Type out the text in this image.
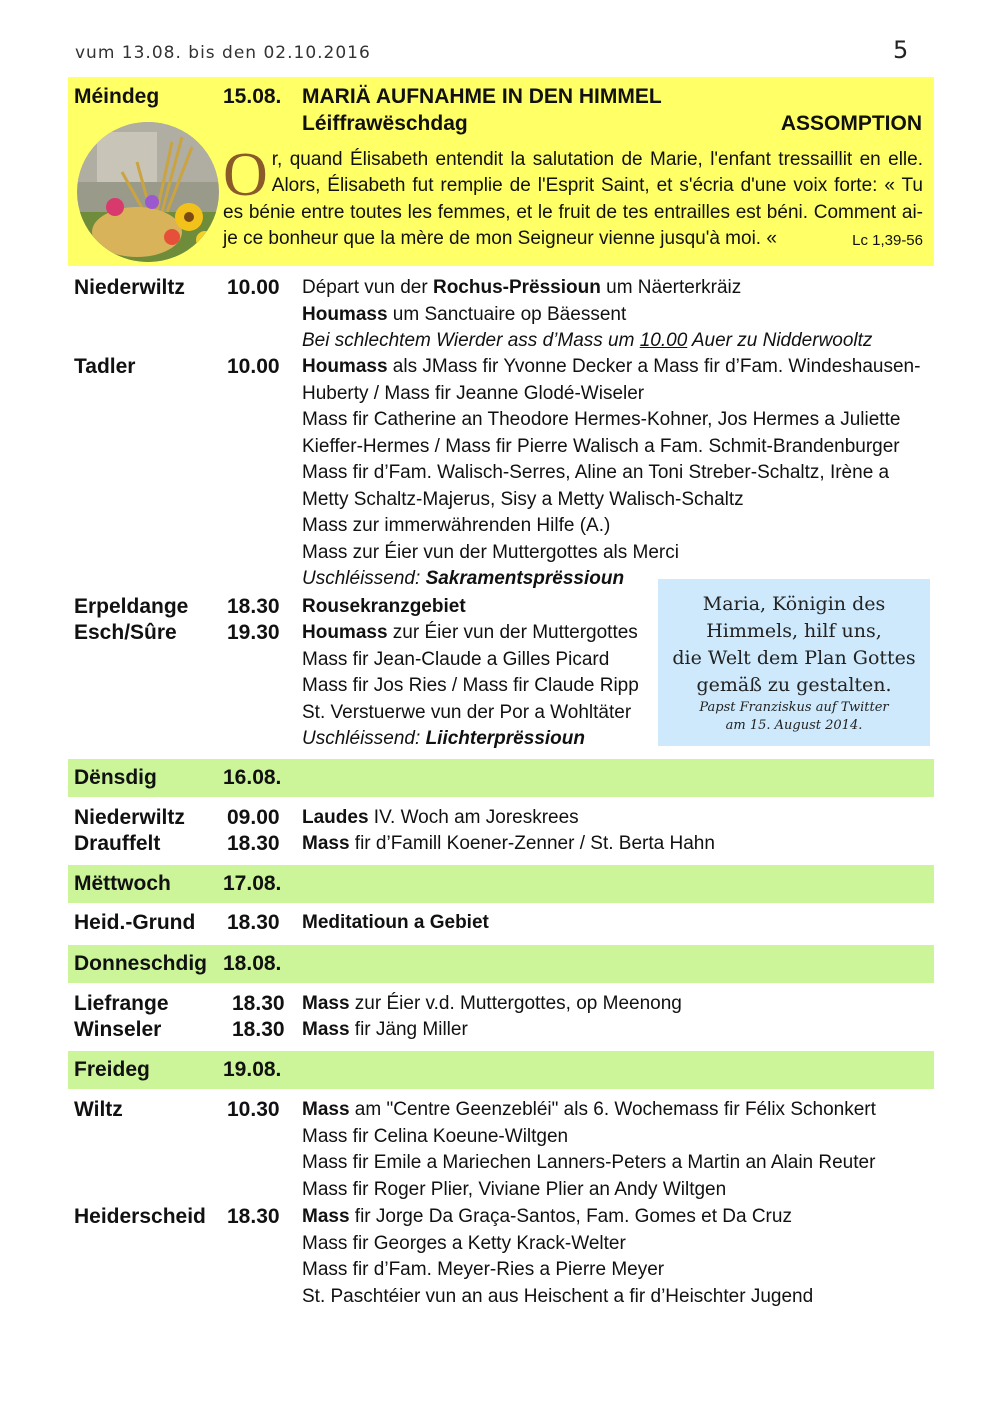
vum 13.08. bis den 02.10.2016	5
Méindeg	15.08. MARIÄ AUFNAHME IN DEN HIMMEL
Léiffrawëschdag	ASSOMPTION
Or, quand Élisabeth entendit la salutation de Marie, l'enfant tressaillit en elle. Alors, Élisabeth fut remplie de l'Esprit Saint, et s'écria d'une voix forte: « Tu es bénie entre toutes les femmes, et le fruit de tes entrailles est béni. Comment ai-je ce bonheur que la mère de mon Seigneur vienne jusqu'à moi. «	Lc 1,39-56
Niederwiltz 10.00 Départ vun der Rochus-Prëssioun um Näerterkräiz
Houmass um Sanctuaire op Bäessent
Bei schlechtem Wierder ass d’Mass um 10.00 Auer zu Nidderwooltz
Tadler	10.00 Houmass als JMass fir Yvonne Decker a Mass fir d’Fam. Windeshausen-
Huberty / Mass fir Jeanne Glodé-Wiseler
Mass fir Catherine an Theodore Hermes-Kohner, Jos Hermes a Juliette
Kieffer-Hermes / Mass fir Pierre Walisch a Fam. Schmit-Brandenburger
Mass fir d’Fam. Walisch-Serres, Aline an Toni Streber-Schaltz, Irène a
Metty Schaltz-Majerus, Sisy a Metty Walisch-Schaltz
Mass zur immerwährenden Hilfe (A.)
Mass zur Éier vun der Muttergottes als Merci
Uschléissend: Sakramentsprëssioun
Erpeldange 18.30 Rousekranzgebiet
Esch/Sûre 19.30 Houmass zur Éier vun der Muttergottes
Mass fir Jean-Claude a Gilles Picard
Mass fir Jos Ries / Mass fir Claude Ripp
St. Verstuerwe vun der Por a Wohltäter
Uschléissend: Liichterprëssioun
Maria, Königin des
Himmels, hilf uns,
die Welt dem Plan Gottes
gemäß zu gestalten.
Papst Franziskus auf Twitter
am 15. August 2014.
Dënsdig	16.08.
Niederwiltz 09.00 Laudes IV. Woch am Joreskrees
Drauffelt	18.30 Mass fir d’Famill Koener-Zenner / St. Berta Hahn
Mëttwoch 17.08.
Heid.-Grund 18.30 Meditatioun a Gebiet
Donneschdig 18.08.
Liefrange	18.30 Mass zur Éier v.d. Muttergottes, op Meenong
Winseler	18.30 Mass fir Jäng Miller
Freideg	19.08.
Wiltz	10.30 Mass am "Centre Geenzebléi" als 6. Wochemass fir Félix Schonkert
Mass fir Celina Koeune-Wiltgen
Mass fir Emile a Mariechen Lanners-Peters a Martin an Alain Reuter
Mass fir Roger Plier, Viviane Plier an Andy Wiltgen
Heiderscheid 18.30 Mass fir Jorge Da Graça-Santos, Fam. Gomes et Da Cruz
Mass fir Georges a Ketty Krack-Welter
Mass fir d’Fam. Meyer-Ries a Pierre Meyer
St. Paschtéier vun an aus Heischent a fir d’Heischter Jugend
